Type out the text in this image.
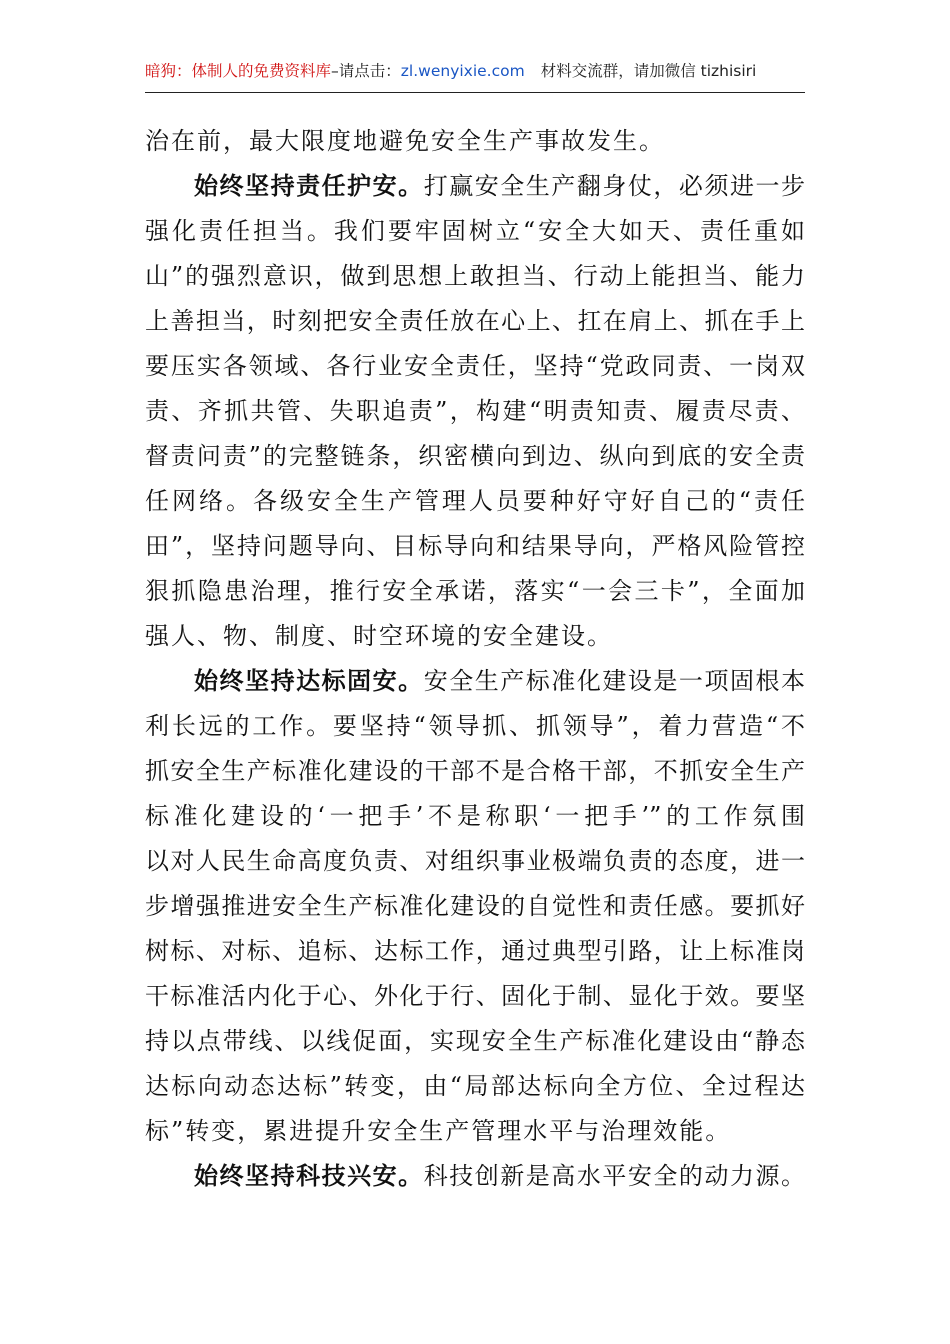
暗狗：体制人的免费资料库–请点击：zl.wenyixie.com 材料交流群，请加微信 tizhisiri
治在前，最大限度地避免安全生产事故发生。
始终坚持责任护安。打赢安全生产翻身仗，必须进一步
强化责任担当。我们要牢固树立“安全大如天、责任重如
山”的强烈意识，做到思想上敢担当、行动上能担当、能力
上善担当，时刻把安全责任放在心上、扛在肩上、抓在手上
要压实各领域、各行业安全责任，坚持“党政同责、一岗双
责、齐抓共管、失职追责”，构建“明责知责、履责尽责、
督责问责”的完整链条，织密横向到边、纵向到底的安全责
任网络。各级安全生产管理人员要种好守好自己的“责任
田”，坚持问题导向、目标导向和结果导向，严格风险管控
狠抓隐患治理，推行安全承诺，落实“一会三卡”，全面加
强人、物、制度、时空环境的安全建设。
始终坚持达标固安。安全生产标准化建设是一项固根本
利长远的工作。要坚持“领导抓、抓领导”，着力营造“不
抓安全生产标准化建设的干部不是合格干部，不抓安全生产
标准化建设的‘一把手’不是称职‘一把手’”的工作氛围
以对人民生命高度负责、对组织事业极端负责的态度，进一
步增强推进安全生产标准化建设的自觉性和责任感。要抓好
树标、对标、追标、达标工作，通过典型引路，让上标准岗
干标准活内化于心、外化于行、固化于制、显化于效。要坚
持以点带线、以线促面，实现安全生产标准化建设由“静态
达标向动态达标”转变，由“局部达标向全方位、全过程达
标”转变，累进提升安全生产管理水平与治理效能。
始终坚持科技兴安。科技创新是高水平安全的动力源。
